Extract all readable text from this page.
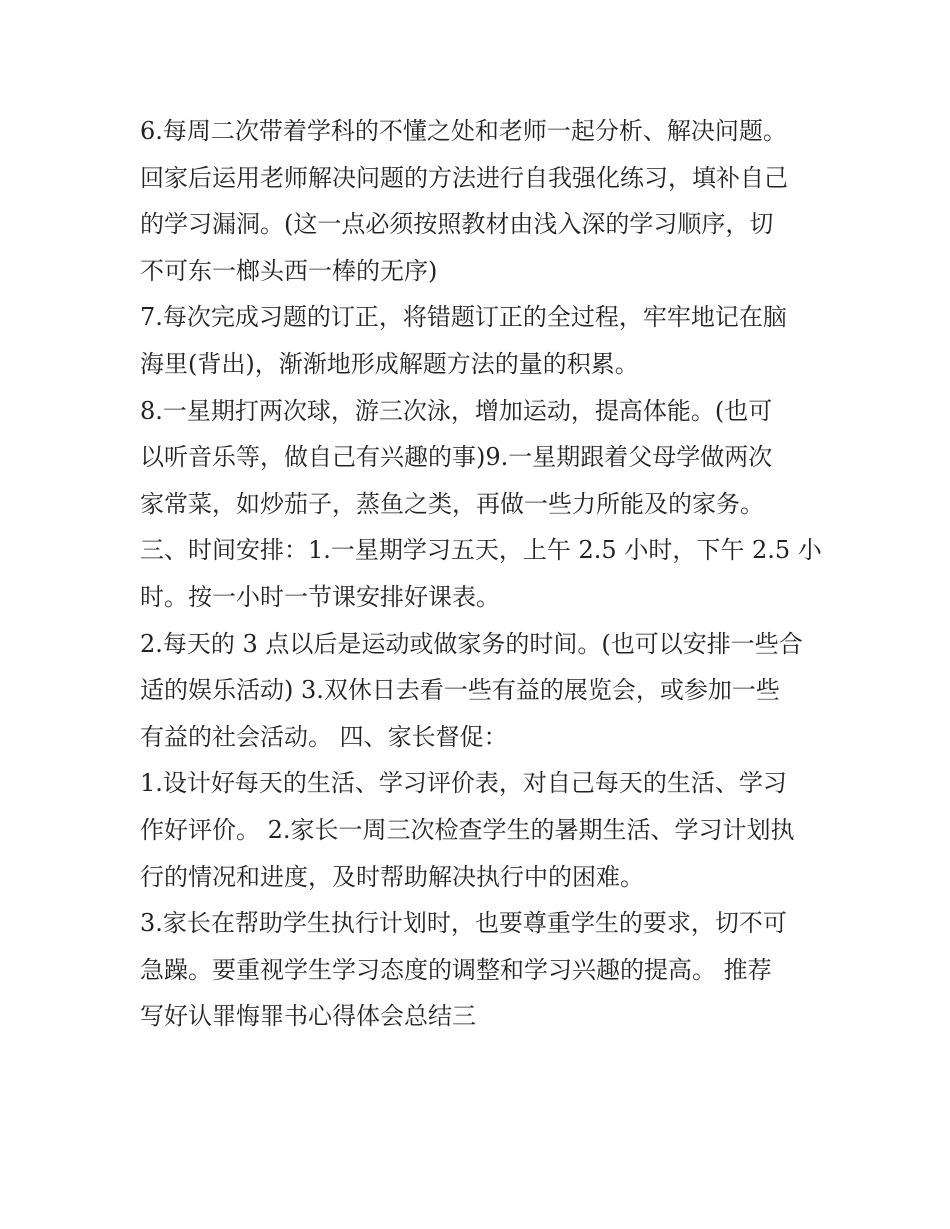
6.每周二次带着学科的不懂之处和老师一起分析、解决问题。
回家后运用老师解决问题的方法进行自我强化练习，填补自己
的学习漏洞。(这一点必须按照教材由浅入深的学习顺序，切
不可东一榔头西一棒的无序)
7.每次完成习题的订正，将错题订正的全过程，牢牢地记在脑
海里(背出)，渐渐地形成解题方法的量的积累。
8.一星期打两次球，游三次泳，增加运动，提高体能。(也可
以听音乐等，做自己有兴趣的事)9.一星期跟着父母学做两次
家常菜，如炒茄子，蒸鱼之类，再做一些力所能及的家务。
三、时间安排：1.一星期学习五天，上午 2.5 小时，下午 2.5 小
时。按一小时一节课安排好课表。
2.每天的 3 点以后是运动或做家务的时间。(也可以安排一些合
适的娱乐活动) 3.双休日去看一些有益的展览会，或参加一些
有益的社会活动。 四、家长督促：
1.设计好每天的生活、学习评价表，对自己每天的生活、学习
作好评价。 2.家长一周三次检查学生的暑期生活、学习计划执
行的情况和进度，及时帮助解决执行中的困难。
3.家长在帮助学生执行计划时，也要尊重学生的要求，切不可
急躁。要重视学生学习态度的调整和学习兴趣的提高。 推荐
写好认罪悔罪书心得体会总结三
